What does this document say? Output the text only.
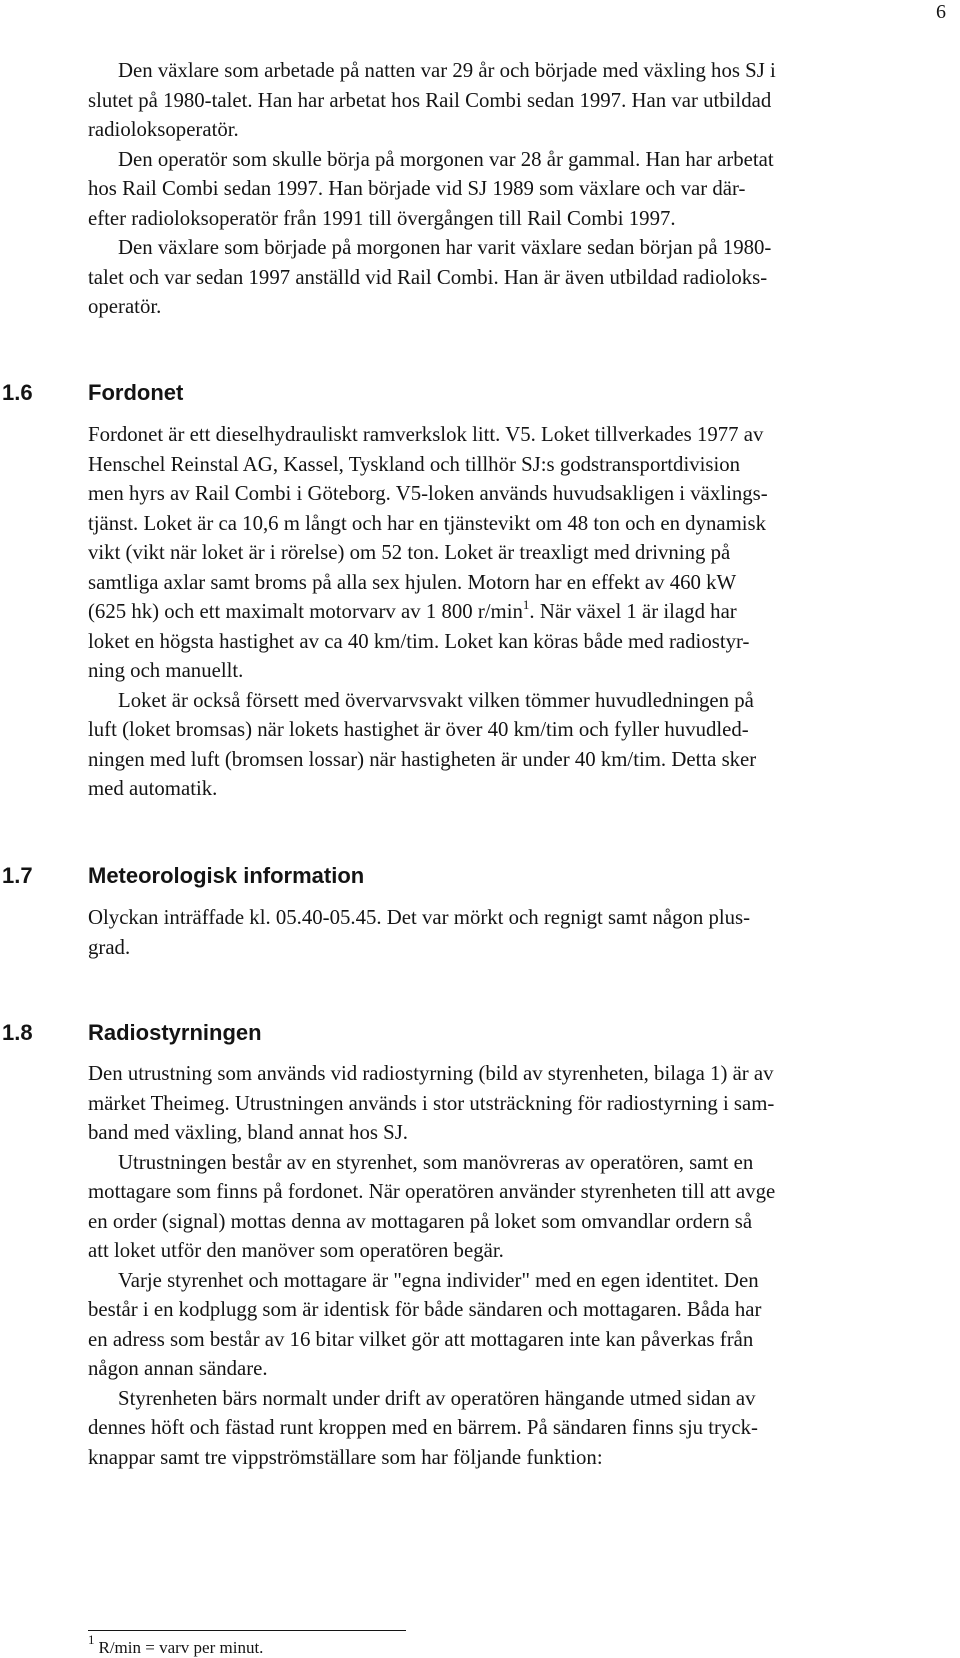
6
Den växlare som arbetade på natten var 29 år och började med växling hos SJ i
slutet på 1980-talet. Han har arbetat hos Rail Combi sedan 1997. Han var utbildad
radioloksoperatör.
Den operatör som skulle börja på morgonen var 28 år gammal. Han har arbetat
hos Rail Combi sedan 1997. Han började vid SJ 1989 som växlare och var där-
efter radioloksoperatör från 1991 till övergången till Rail Combi 1997.
Den växlare som började på morgonen har varit växlare sedan början på 1980-
talet och var sedan 1997 anställd vid Rail Combi. Han är även utbildad radioloks-
operatör.
1.6	Fordonet
Fordonet är ett dieselhydrauliskt ramverkslok litt. V5. Loket tillverkades 1977 av
Henschel Reinstal AG, Kassel, Tyskland och tillhör SJ:s godstransportdivision
men hyrs av Rail Combi i Göteborg. V5-loken används huvudsakligen i växlings-
tjänst. Loket är ca 10,6 m långt och har en tjänstevikt om 48 ton och en dynamisk
vikt (vikt när loket är i rörelse) om 52 ton. Loket är treaxligt med drivning på
samtliga axlar samt broms på alla sex hjulen. Motorn har en effekt av 460 kW
(625 hk) och ett maximalt motorvarv av 1 800 $r/\min^1$. När växel 1 är ilagd har
loket en högsta hastighet av ca 40 km/tim. Loket kan köras både med radiostyr-
ning och manuellt.
Loket är också försett med övervarvsvakt vilken tömmer huvudledningen på
luft (loket bromsas) när lokets hastighet är över 40 km/tim och fyller huvudled-
ningen med luft (bromsen lossar) när hastigheten är under 40 km/tim. Detta sker
med automatik.
1.7	Meteorologisk information
Olyckan inträffade kl. 05.40-05.45. Det var mörkt och regnigt samt någon plus-
grad.
1.8	Radiostyrningen
Den utrustning som används vid radiostyrning (bild av styrenheten, bilaga 1) är av
märket Theimeg. Utrustningen används i stor utsträckning för radiostyrning i sam-
band med växling, bland annat hos SJ.
Utrustningen består av en styrenhet, som manövreras av operatören, samt en
mottagare som finns på fordonet. När operatören använder styrenheten till att avge
en order (signal) mottas denna av mottagaren på loket som omvandlar ordern så
att loket utför den manöver som operatören begär.
Varje styrenhet och mottagare är "egna individer" med en egen identitet. Den
består i en kodplugg som är identisk för både sändaren och mottagaren. Båda har
en adress som består av 16 bitar vilket gör att mottagaren inte kan påverkas från
någon annan sändare.
Styrenheten bärs normalt under drift av operatören hängande utmed sidan av
dennes höft och fästad runt kroppen med en bärrem. På sändaren finns sju tryck-
knappar samt tre vippströmställare som har följande funktion:
$^1$ R/min = varv per minut.
